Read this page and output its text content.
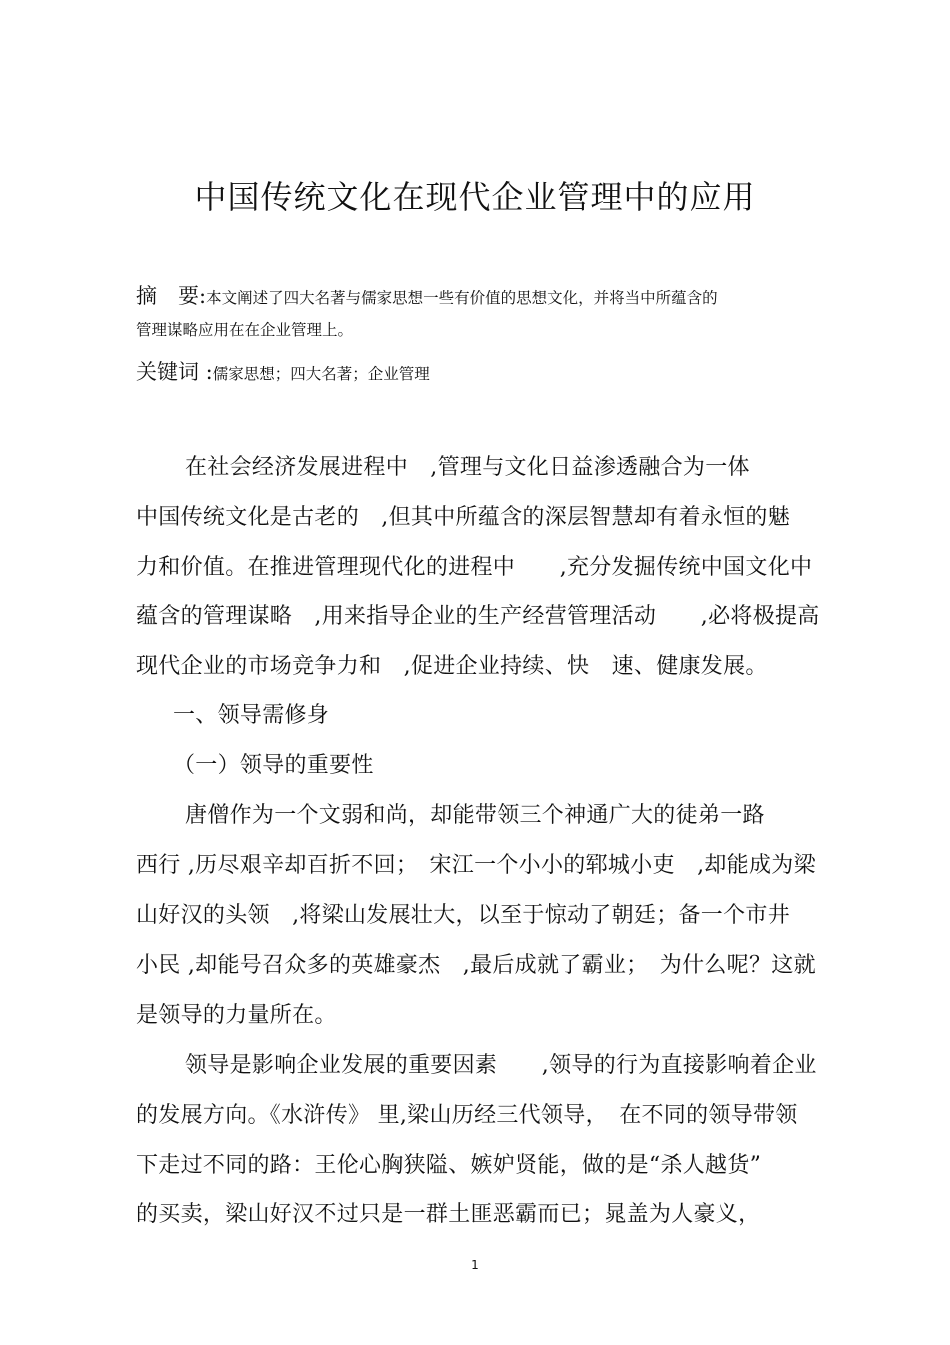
中国传统文化在现代企业管理中的应用
摘　要:本文阐述了四大名著与儒家思想一些有价值的思想文化，并将当中所蕴含的
管理谋略应用在在企业管理上。
关键词 :儒家思想；四大名著；企业管理
在社会经济发展进程中　,管理与文化日益渗透融合为一体
中国传统文化是古老的　,但其中所蕴含的深层智慧却有着永恒的魅
力和价值。在推进管理现代化的进程中　　,充分发掘传统中国文化中
蕴含的管理谋略　,用来指导企业的生产经营管理活动　　,必将极提高
现代企业的市场竞争力和　,促进企业持续、快　速、健康发展。
一、领导需修身
（一）领导的重要性
唐僧作为一个文弱和尚，却能带领三个神通广大的徒弟一路
西行 ,历尽艰辛却百折不回；　宋江一个小小的郓城小吏　,却能成为梁
山好汉的头领　,将梁山发展壮大，以至于惊动了朝廷；备一个市井
小民 ,却能号召众多的英雄豪杰　,最后成就了霸业；　为什么呢？这就
是领导的力量所在。
领导是影响企业发展的重要因素　　,领导的行为直接影响着企业
的发展方向。《水浒传》 里,梁山历经三代领导，　在不同的领导带领
下走过不同的路：王伦心胸狭隘、嫉妒贤能，做的是“杀人越货”
的买卖，梁山好汉不过只是一群土匪恶霸而已；晁盖为人豪义，
1
